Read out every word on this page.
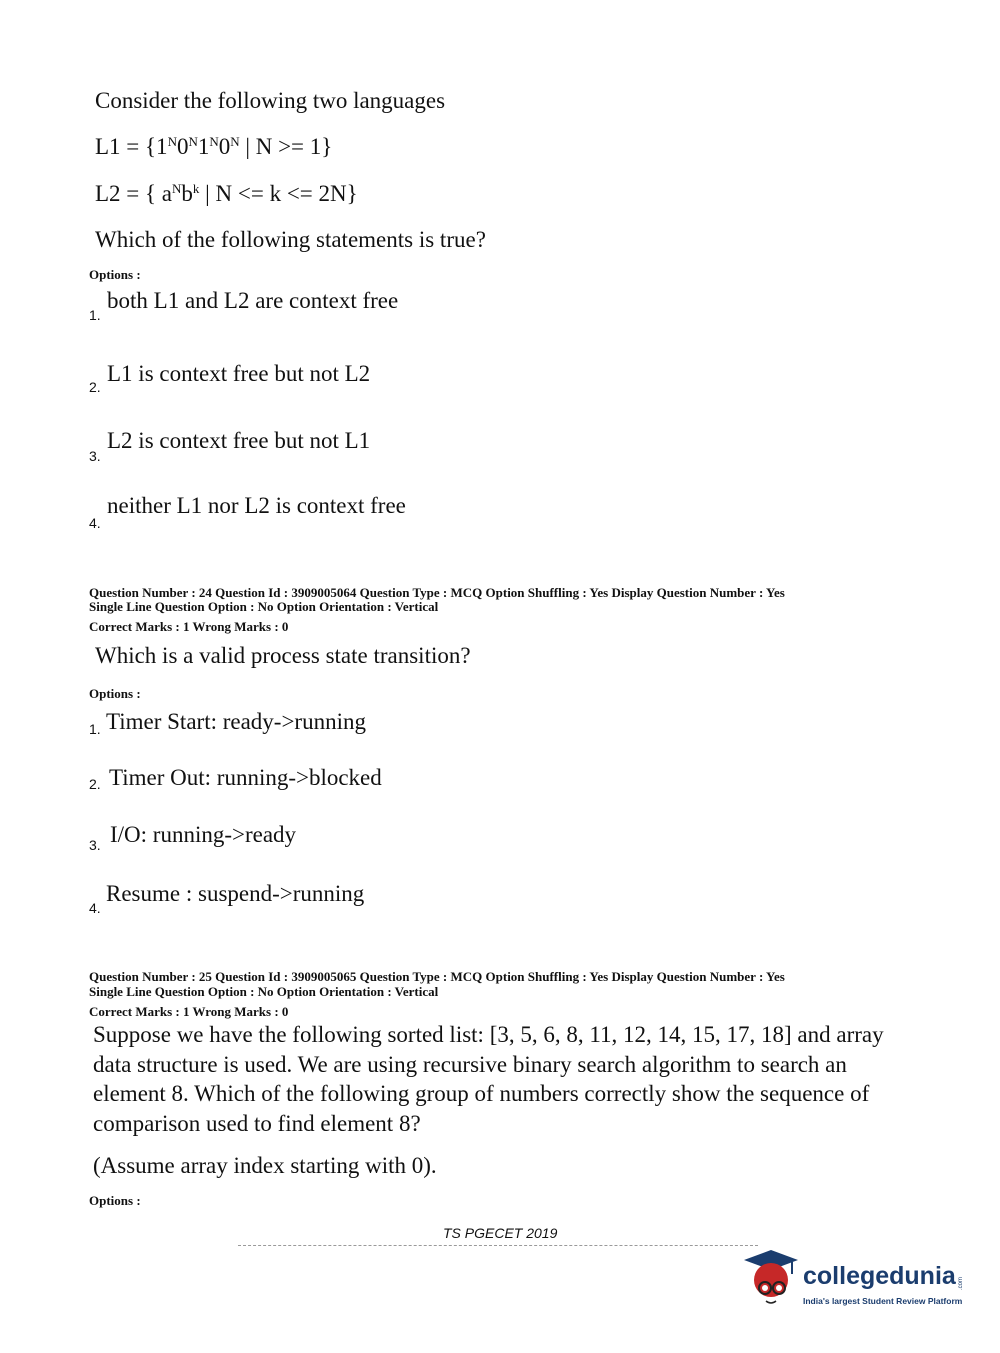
Consider the following two languages
$L1 = \{1^N0^N1^N0^N$ | N >= 1}
L2 = { $a^Nb^k$ | N <= k <= 2N}
Which of the following statements is true?
Options :
1.
both L1 and L2 are context free
2.
L1 is context free but not L2
3.
L2 is context free but not L1
4.
neither L1 nor L2 is context free
Question Number : 24 Question Id : 3909005064 Question Type : MCQ Option Shuffling : Yes Display Question Number : Yes
Single Line Question Option : No Option Orientation : Vertical
Correct Marks : 1 Wrong Marks : 0
Which is a valid process state transition?
Options :
1. Timer Start: ready->running
2. Timer Out: running->blocked
3. I/O: running->ready
4.
Resume : suspend->running
Question Number : 25 Question Id : 3909005065 Question Type : MCQ Option Shuffling : Yes Display Question Number : Yes
Single Line Question Option : No Option Orientation : Vertical
Correct Marks : 1 Wrong Marks : 0
Suppose we have the following sorted list: [3, 5, 6, 8, 11, 12, 14, 15, 17, 18] and array data structure is used. We are using recursive binary search algorithm to search an element 8. Which of the following group of numbers correctly show the sequence of comparison used to find element 8?
(Assume array index starting with 0).
Options :
TS PGECET 2019
collegedunia .com
India's largest Student Review Platform
